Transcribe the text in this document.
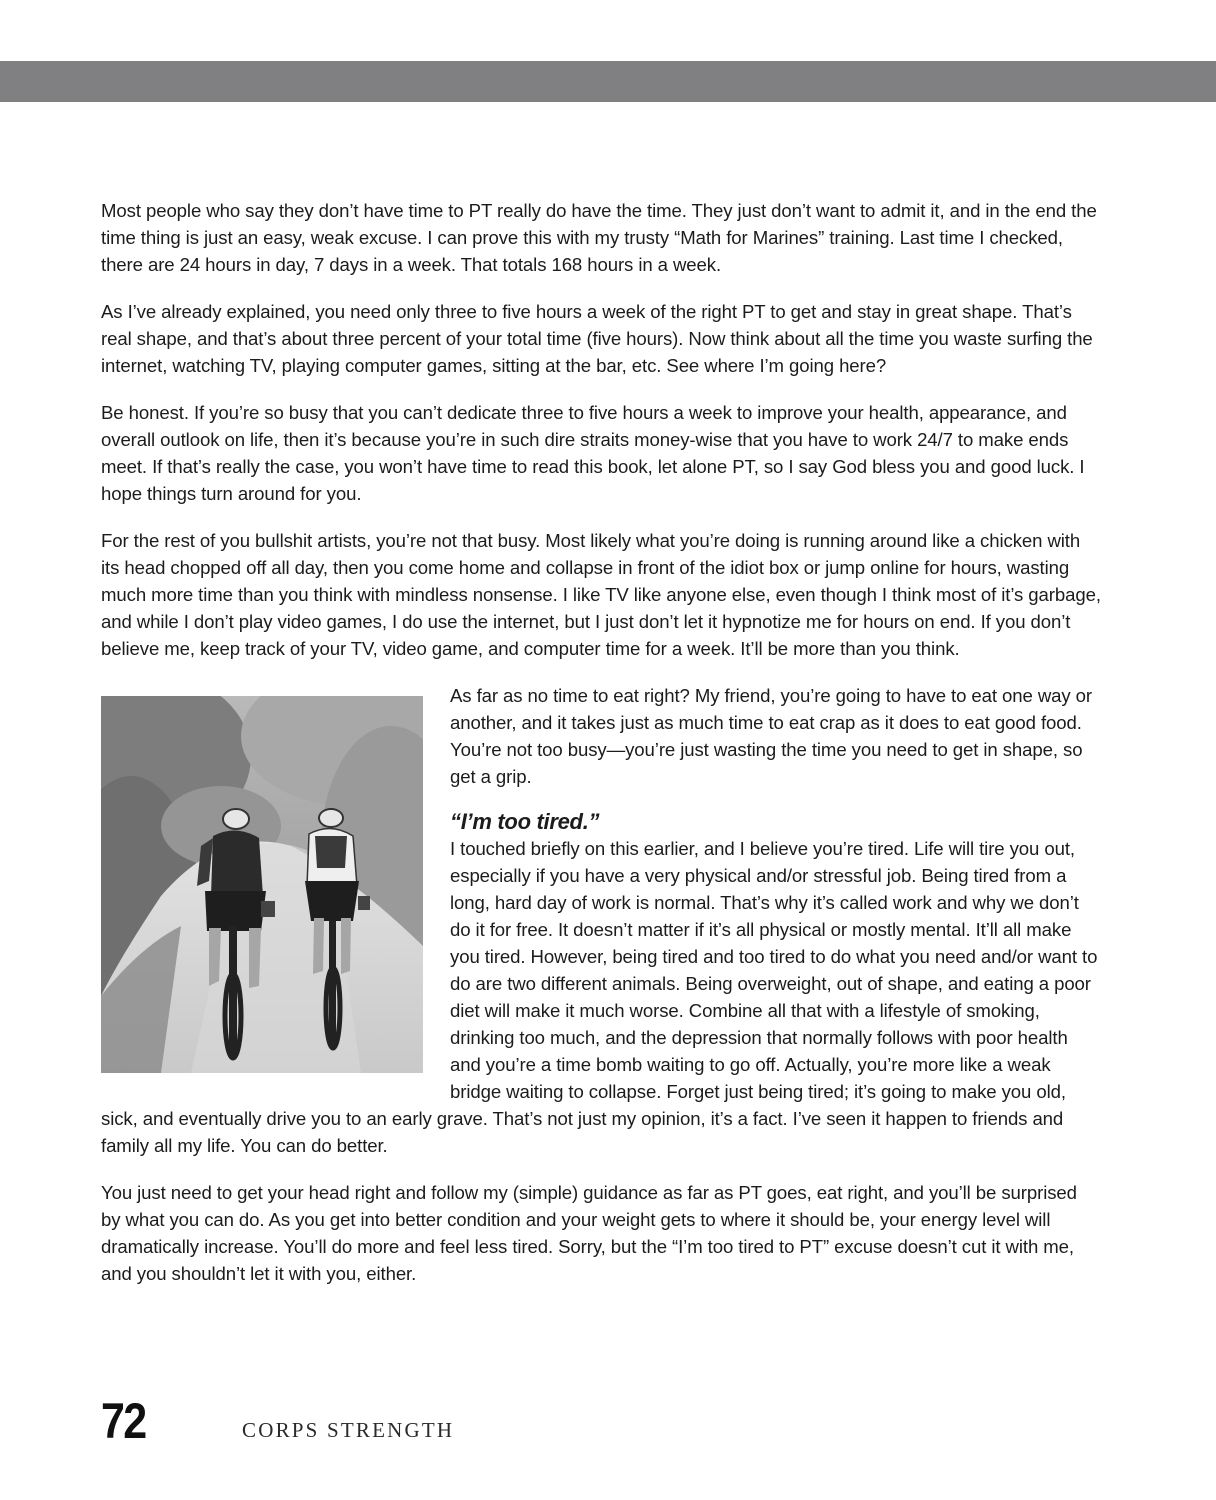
Most people who say they don’t have time to PT really do have the time. They just don’t want to admit it, and in the end the time thing is just an easy, weak excuse. I can prove this with my trusty “Math for Marines” training. Last time I checked, there are 24 hours in day, 7 days in a week. That totals 168 hours in a week.

As I’ve already explained, you need only three to five hours a week of the right PT to get and stay in great shape. That’s real shape, and that’s about three percent of your total time (five hours). Now think about all the time you waste surfing the internet, watching TV, playing computer games, sitting at the bar, etc. See where I’m going here?

Be honest. If you’re so busy that you can’t dedicate three to five hours a week to improve your health, appearance, and overall outlook on life, then it’s because you’re in such dire straits money-wise that you have to work 24/7 to make ends meet. If that’s really the case, you won’t have time to read this book, let alone PT, so I say God bless you and good luck. I hope things turn around for you.

For the rest of you bullshit artists, you’re not that busy. Most likely what you’re doing is running around like a chicken with its head chopped off all day, then you come home and collapse in front of the idiot box or jump online for hours, wasting much more time than you think with mindless nonsense. I like TV like anyone else, even though I think most of it’s garbage, and while I don’t play video games, I do use the internet, but I just don’t let it hypnotize me for hours on end. If you don’t believe me, keep track of your TV, video game, and computer time for a week. It’ll be more than you think.

As far as no time to eat right? My friend, you’re going to have to eat one way or another, and it takes just as much time to eat crap as it does to eat good food. You’re not too busy—you’re just wasting the time you need to get in shape, so get a grip.

“I’m too tired.”

I touched briefly on this earlier, and I believe you’re tired. Life will tire you out, especially if you have a very physical and/or stressful job. Being tired from a long, hard day of work is normal. That’s why it’s called work and why we don’t do it for free. It doesn’t matter if it’s all physical or mostly mental. It’ll all make you tired. However, being tired and too tired to do what you need and/or want to do are two different animals. Being overweight, out of shape, and eating a poor diet will make it much worse. Combine all that with a lifestyle of smoking, drinking too much, and the depression that normally follows with poor health and you’re a time bomb waiting to go off. Actually, you’re more like a weak bridge waiting to collapse. Forget just being tired; it’s going to make you old, sick, and eventually drive you to an early grave. That’s not just my opinion, it’s a fact. I’ve seen it happen to friends and family all my life. You can do better.

You just need to get your head right and follow my (simple) guidance as far as PT goes, eat right, and you’ll be surprised by what you can do. As you get into better condition and your weight gets to where it should be, your energy level will dramatically increase. You’ll do more and feel less tired. Sorry, but the “I’m too tired to PT” excuse doesn’t cut it with me, and you shouldn’t let it with you, either.

72	CORPS STRENGTH
